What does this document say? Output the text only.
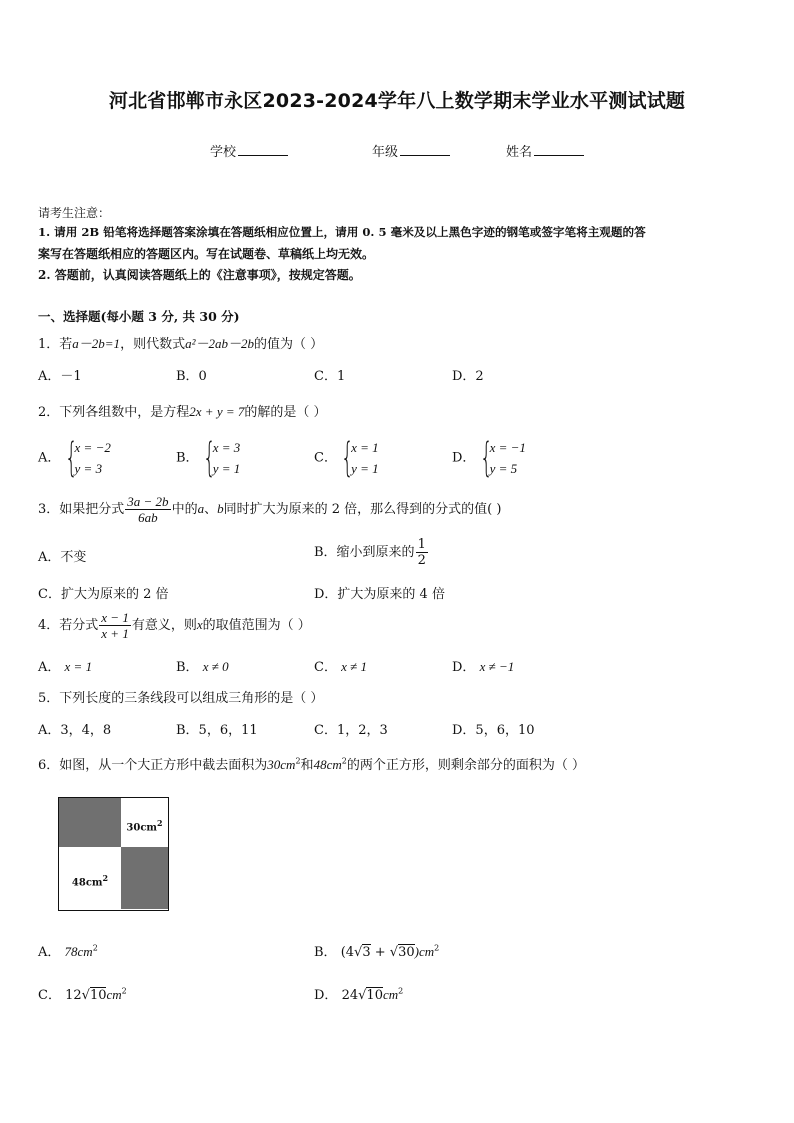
河北省邯郸市永区2023-2024学年八上数学期末学业水平测试试题
学校	年级	姓名
请考生注意：
1. 请用 2B 铅笔将选择题答案涂填在答题纸相应位置上，请用 0. 5 毫米及以上黑色字迹的钢笔或签字笔将主观题的答
案写在答题纸相应的答题区内。写在试题卷、草稿纸上均无效。
2. 答题前，认真阅读答题纸上的《注意事项》，按规定答题。
一、选择题(每小题 3 分, 共 30 分)
1．若a－2b=1，则代数式a²－2ab－2b的值为（ ）
A．－1	B．0	C．1	D．2
2．下列各组数中，是方程2x + y = 7的解的是（ ）
A． {
x = −2
y = 3
B． {
x = 3
y = 1
C． {
x = 1
y = 1
D． {
x = −1
y = 5
3．如果把分式 $\frac{3a - 2b}{6ab}$ 中的a、b同时扩大为原来的 2 倍，那么得到的分式的值( )
A．不变	B．缩小到原来的 $\frac{1}{2}$
C．扩大为原来的 2 倍	D．扩大为原来的 4 倍
4．若分式 $\frac{x - 1}{x + 1}$ 有意义，则x的取值范围为（ ）
A． x = 1	B． x ≠ 0	C． x ≠ 1	D． x ≠ −1
5．下列长度的三条线段可以组成三角形的是（ ）
A．3，4，8	B．5，6，11	C．1，2，3	D．5，6，10
6．如图，从一个大正方形中截去面积为$30cm^2$和$48cm^2$的两个正方形，则剩余部分的面积为（ ）
$30cm^2$
$48cm^2$
A． $78cm^2$	B． $(4√3 + √30)cm^2$
C． $12√10cm^2$	D． $24√10cm^2$
